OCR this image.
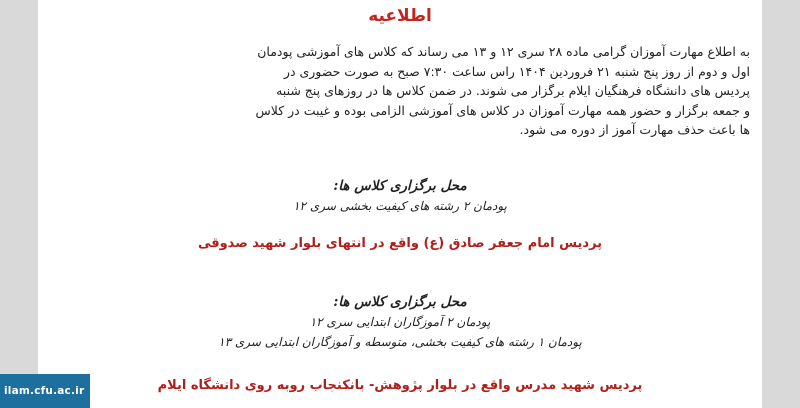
اطلاعیه
به اطلاع مهارت آموزان گرامی ماده ۲۸ سری ۱۲ و ۱۳ می رساند که کلاس های آموزشی پودمان
اول و دوم از روز پنج شنبه ۲۱ فروردین ۱۴۰۴ راس ساعت ۷:۳۰ صبح به صورت حضوری در
پردیس های دانشگاه فرهنگیان ایلام برگزار می شوند. در ضمن کلاس ها در روزهای پنج شنبه
و جمعه برگزار و حضور همه مهارت آموزان در کلاس های آموزشی الزامی بوده و غیبت در کلاس
ها باعث حذف مهارت آموز از دوره می شود.
محل برگزاری کلاس ها:
پودمان ۲ رشته های کیفیت بخشی سری ۱۲
پردیس امام جعفر صادق (ع) واقع در انتهای بلوار شهید صدوقی
محل برگزاری کلاس ها:
پودمان ۲ آموزگاران ابتدایی سری ۱۲
پودمان ۱ رشته های کیفیت بخشی، متوسطه و آموزگاران ابتدایی سری ۱۳
پردیس شهید مدرس واقع در بلوار پژوهش- بانکنجاب روبه روی دانشگاه ایلام
ilam.cfu.ac.ir
